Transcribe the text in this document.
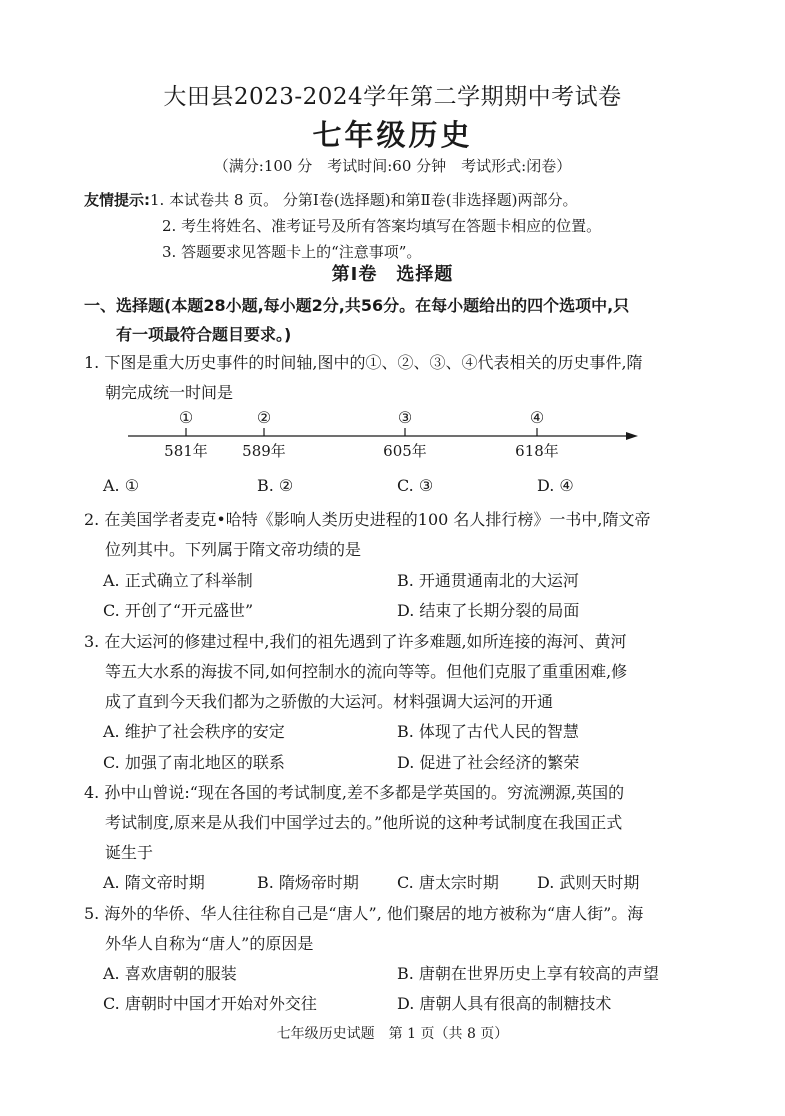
大田县2023-2024学年第二学期期中考试卷
七年级历史
（满分:100 分　考试时间:60 分钟　考试形式:闭卷）
友情提示:1. 本试卷共 8 页。 分第Ⅰ卷(选择题)和第Ⅱ卷(非选择题)两部分。
2. 考生将姓名、准考证号及所有答案均填写在答题卡相应的位置。
3. 答题要求见答题卡上的“注意事项”。
第Ⅰ卷　选择题
一、选择题(本题28小题,每小题2分,共56分。在每小题给出的四个选项中,只
有一项最符合题目要求。)
1. 下图是重大历史事件的时间轴,图中的①、②、③、④代表相关的历史事件,隋
朝完成统一时间是
①
581年
②
589年
③
605年
④
618年
A. ①	B. ②	C. ③	D. ④
2. 在美国学者麦克•哈特《影响人类历史进程的100 名人排行榜》一书中,隋文帝
位列其中。下列属于隋文帝功绩的是
A. 正式确立了科举制	B. 开通贯通南北的大运河
C. 开创了“开元盛世”	D. 结束了长期分裂的局面
3. 在大运河的修建过程中,我们的祖先遇到了许多难题,如所连接的海河、黄河
等五大水系的海拔不同,如何控制水的流向等等。但他们克服了重重困难,修
成了直到今天我们都为之骄傲的大运河。材料强调大运河的开通
A. 维护了社会秩序的安定	B. 体现了古代人民的智慧
C. 加强了南北地区的联系	D. 促进了社会经济的繁荣
4. 孙中山曾说:“现在各国的考试制度,差不多都是学英国的。穷流溯源,英国的
考试制度,原来是从我们中国学过去的。”他所说的这种考试制度在我国正式
诞生于
A. 隋文帝时期	B. 隋炀帝时期 C. 唐太宗时期 D. 武则天时期
5. 海外的华侨、华人往往称自己是“唐人”, 他们聚居的地方被称为“唐人街”。海
外华人自称为“唐人”的原因是
A. 喜欢唐朝的服装	B. 唐朝在世界历史上享有较高的声望
C. 唐朝时中国才开始对外交往	D. 唐朝人具有很高的制糖技术
七年级历史试题　第 1 页（共 8 页）
